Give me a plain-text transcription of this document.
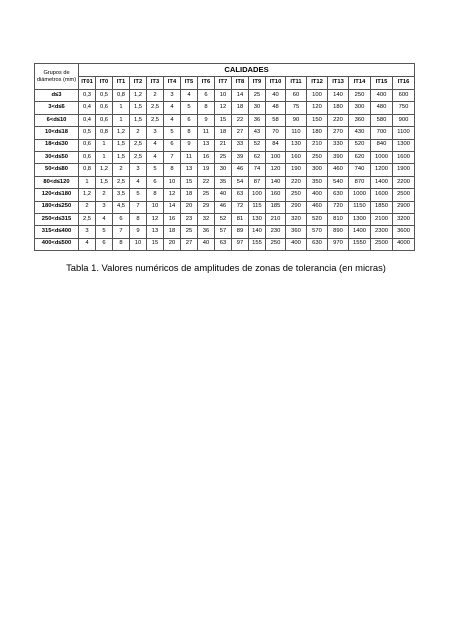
Grupos de diámetros (mm)	CALIDADES																	
	IT01	IT0	IT1	IT2	IT3	IT4	IT5	IT6	IT7	IT8	IT9	IT10	IT11	IT12	IT13	IT14	IT15	IT16
d≤3	0,3	0,5	0,8	1,2	2	3	4	6	10	14	25	40	60	100	140	250	400	600
3<d≤6	0,4	0,6	1	1,5	2,5	4	5	8	12	18	30	48	75	120	180	300	480	750
6<d≤10	0,4	0,6	1	1,5	2,5	4	6	9	15	22	36	58	90	150	220	360	580	900
10<d≤18	0,5	0,8	1,2	2	3	5	8	11	18	27	43	70	110	180	270	430	700	1100
18<d≤30	0,6	1	1,5	2,5	4	6	9	13	21	33	52	84	130	210	330	520	840	1300
30<d≤50	0,6	1	1,5	2,5	4	7	11	16	25	39	62	100	160	250	390	620	1000	1600
50<d≤80	0,8	1,2	2	3	5	8	13	19	30	46	74	120	190	300	460	740	1200	1900
80<d≤120	1	1,5	2,5	4	6	10	15	22	35	54	87	140	220	350	540	870	1400	2200
120<d≤180	1,2	2	3,5	5	8	12	18	25	40	63	100	160	250	400	630	1000	1600	2500
180<d≤250	2	3	4,5	7	10	14	20	29	46	72	115	185	290	460	720	1150	1850	2900
250<d≤315	2,5	4	6	8	12	16	23	32	52	81	130	210	320	520	810	1300	2100	3200
315<d≤400	3	5	7	9	13	18	25	36	57	89	140	230	360	570	890	1400	2300	3600
400<d≤500	4	6	8	10	15	20	27	40	63	97	155	250	400	630	970	1550	2500	4000
Tabla 1. Valores numéricos de amplitudes de zonas de tolerancia (en micras)
